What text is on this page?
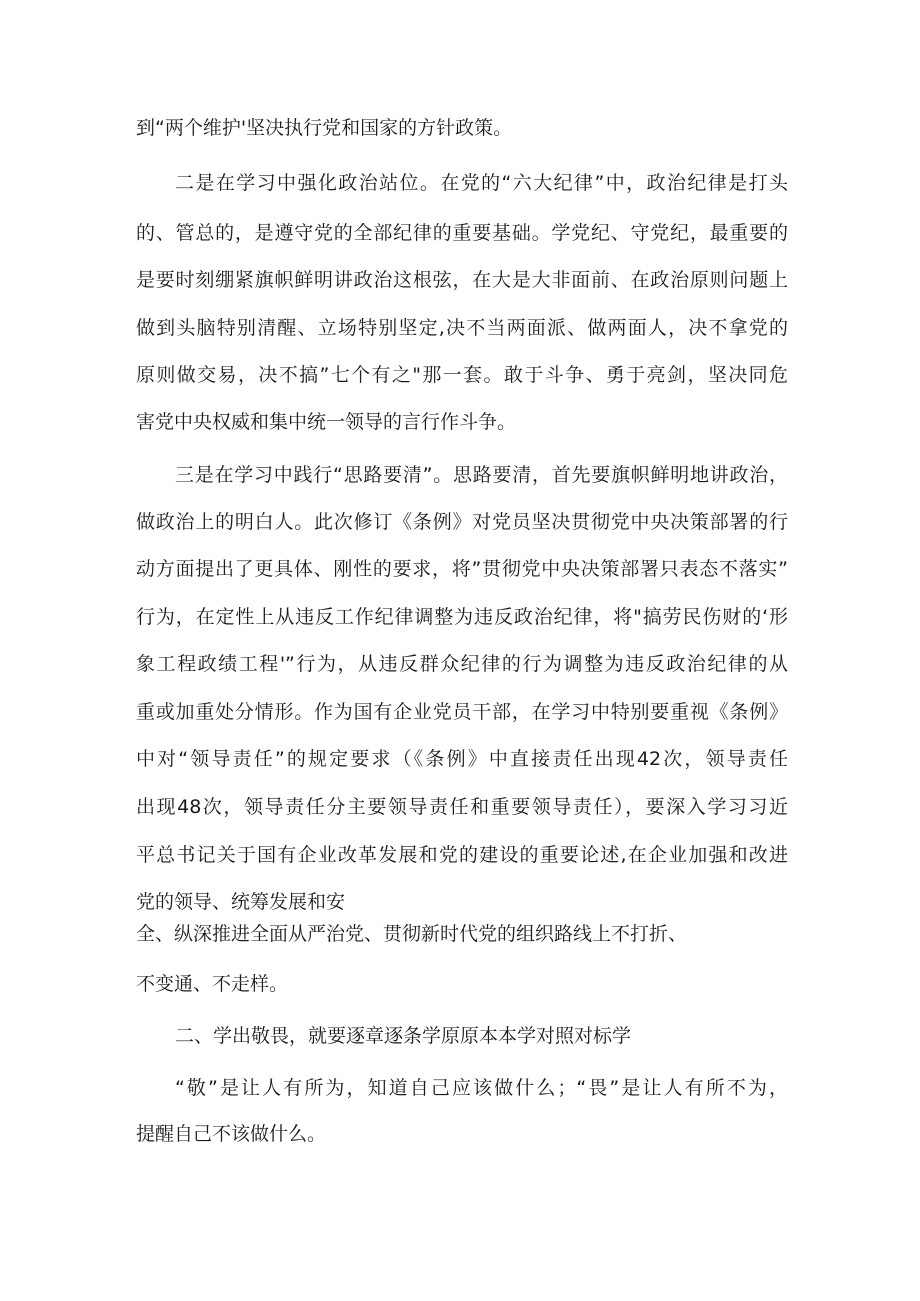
到“两个维护'坚决执行党和国家的方针政策。
二是在学习中强化政治站位。在党的“六大纪律”中，政治纪律是打头
的、管总的，是遵守党的全部纪律的重要基础。学党纪、守党纪，最重要的
是要时刻绷紧旗帜鲜明讲政治这根弦，在大是大非面前、在政治原则问题上
做到头脑特别清醒、立场特别坚定,决不当两面派、做两面人，决不拿党的
原则做交易，决不搞”七个有之"那一套。敢于斗争、勇于亮剑，坚决同危
害党中央权威和集中统一领导的言行作斗争。
三是在学习中践行“思路要清”。思路要清，首先要旗帜鲜明地讲政治，
做政治上的明白人。此次修订《条例》对党员坚决贯彻党中央决策部署的行
动方面提出了更具体、刚性的要求，将”贯彻党中央决策部署只表态不落实”
行为，在定性上从违反工作纪律调整为违反政治纪律，将"搞劳民伤财的‘形
象工程政绩工程'”行为，从违反群众纪律的行为调整为违反政治纪律的从
重或加重处分情形。作为国有企业党员干部，在学习中特别要重视《条例》
中对“领导责任”的规定要求（《条例》中直接责任出现42次，领导责任
出现48次，领导责任分主要领导责任和重要领导责任），要深入学习习近
平总书记关于国有企业改革发展和党的建设的重要论述,在企业加强和改进
党的领导、统筹发展和安
全、纵深推进全面从严治党、贯彻新时代党的组织路线上不打折、
不变通、不走样。
二、学出敬畏，就要逐章逐条学原原本本学对照对标学
“敬”是让人有所为，知道自己应该做什么；“畏”是让人有所不为，
提醒自己不该做什么。
